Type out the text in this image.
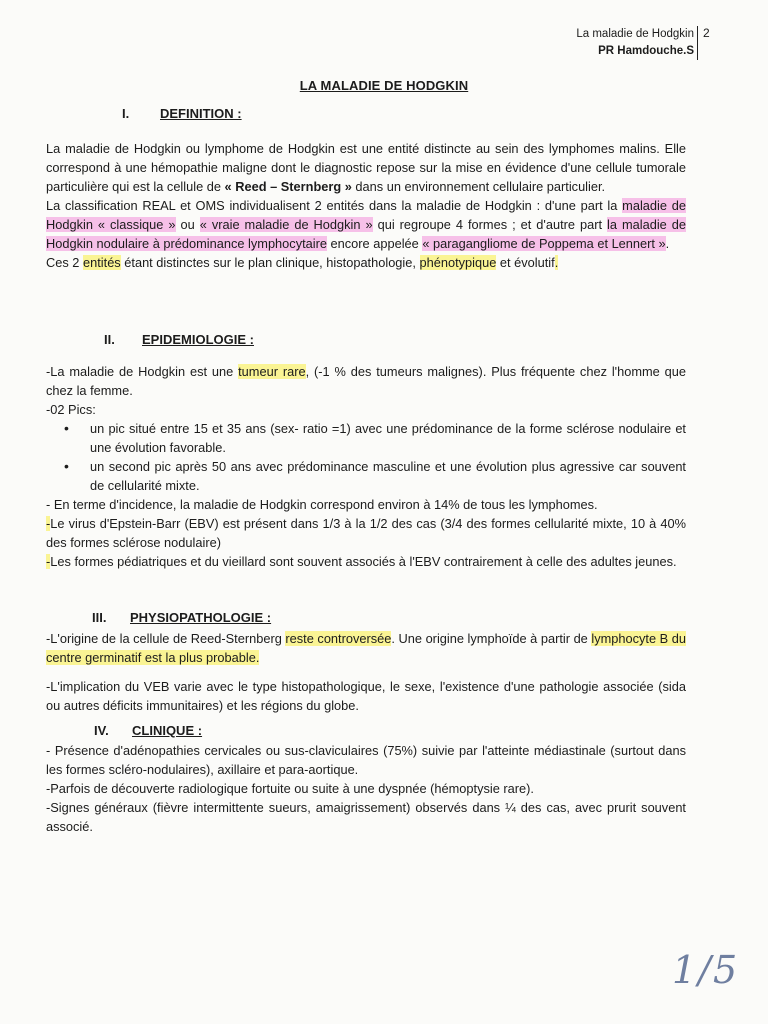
La maladie de Hodgkin
PR Hamdouche.S
2
LA MALADIE DE HODGKIN
I. DEFINITION :

La maladie de Hodgkin ou lymphome de Hodgkin est une entité distincte au sein des lymphomes malins. Elle correspond à une hémopathie maligne dont le diagnostic repose sur la mise en évidence d'une cellule tumorale particulière qui est la cellule de « Reed – Sternberg » dans un environnement cellulaire particulier.

La classification REAL et OMS individualisent 2 entités dans la maladie de Hodgkin : d'une part la maladie de Hodgkin « classique » ou « vraie maladie de Hodgkin » qui regroupe 4 formes ; et d'autre part la maladie de Hodgkin nodulaire à prédominance lymphocytaire encore appelée « paragangliome de Poppema et Lennert ».

Ces 2 entités étant distinctes sur le plan clinique, histopathologie, phénotypique et évolutif.

II. EPIDEMIOLOGIE :

-La maladie de Hodgkin est une tumeur rare, (-1 % des tumeurs malignes). Plus fréquente chez l'homme que chez la femme.

-02 Pics:

• un pic situé entre 15 et 35 ans (sex- ratio =1) avec une prédominance de la forme sclérose nodulaire et une évolution favorable.
• un second pic après 50 ans avec prédominance masculine et une évolution plus agressive car souvent de cellularité mixte.

- En terme d'incidence, la maladie de Hodgkin correspond environ à 14% de tous les lymphomes.

-Le virus d'Epstein-Barr (EBV) est présent dans 1/3 à la 1/2 des cas (3/4 des formes cellularité mixte, 10 à 40% des formes sclérose nodulaire)

-Les formes pédiatriques et du vieillard sont souvent associés à l'EBV contrairement à celle des adultes jeunes.

III. PHYSIOPATHOLOGIE :

-L'origine de la cellule de Reed-Sternberg reste controversée. Une origine lymphoïde à partir de lymphocyte B du centre germinatif est la plus probable.

-L'implication du VEB varie avec le type histopathologique, le sexe, l'existence d'une pathologie associée (sida ou autres déficits immunitaires) et les régions du globe.

IV. CLINIQUE :

- Présence d'adénopathies cervicales ou sus-claviculaires (75%) suivie par l'atteinte médiastinale (surtout dans les formes scléro-nodulaires), axillaire et para-aortique.

-Parfois de découverte radiologique fortuite ou suite à une dyspnée (hémoptysie rare).

-Signes généraux (fièvre intermittente sueurs, amaigrissement) observés dans ¼ des cas, avec prurit souvent associé.

1/5
